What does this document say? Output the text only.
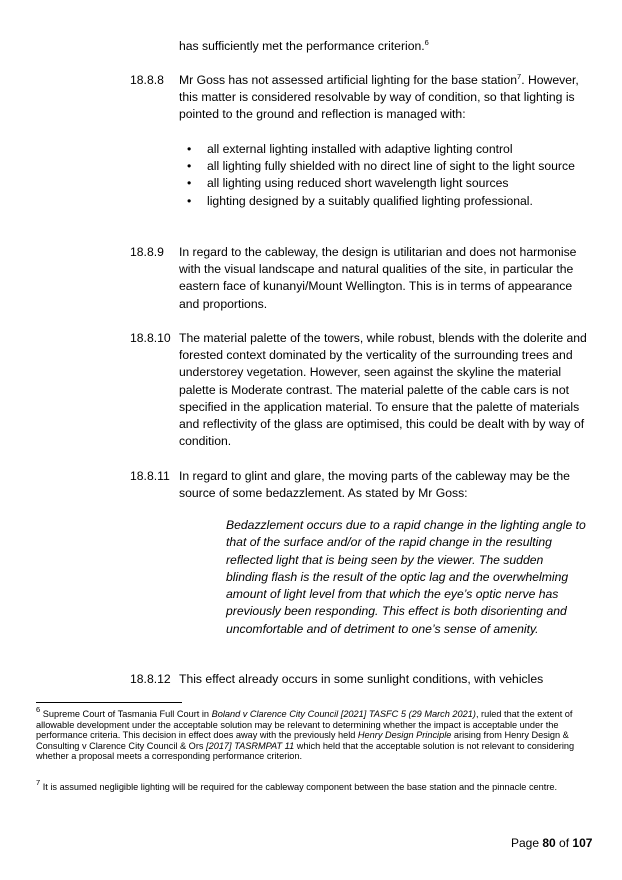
has sufficiently met the performance criterion.$^6$
18.8.8 Mr Goss has not assessed artificial lighting for the base station$^7$. However, this matter is considered resolvable by way of condition, so that lighting is pointed to the ground and reflection is managed with:
• all external lighting installed with adaptive lighting control
• all lighting fully shielded with no direct line of sight to the light source
• all lighting using reduced short wavelength light sources
• lighting designed by a suitably qualified lighting professional.
18.8.9 In regard to the cableway, the design is utilitarian and does not harmonise with the visual landscape and natural qualities of the site, in particular the eastern face of kunanyi/Mount Wellington. This is in terms of appearance and proportions.
18.8.10 The material palette of the towers, while robust, blends with the dolerite and forested context dominated by the verticality of the surrounding trees and understorey vegetation. However, seen against the skyline the material palette is Moderate contrast. The material palette of the cable cars is not specified in the application material. To ensure that the palette of materials and reflectivity of the glass are optimised, this could be dealt with by way of condition.
18.8.11 In regard to glint and glare, the moving parts of the cableway may be the source of some bedazzlement. As stated by Mr Goss:
Bedazzlement occurs due to a rapid change in the lighting angle to that of the surface and/or of the rapid change in the resulting reflected light that is being seen by the viewer. The sudden blinding flash is the result of the optic lag and the overwhelming amount of light level from that which the eye’s optic nerve has previously been responding. This effect is both disorienting and uncomfortable and of detriment to one’s sense of amenity.
18.8.12 This effect already occurs in some sunlight conditions, with vehicles
$^6$ Supreme Court of Tasmania Full Court in Boland v Clarence City Council [2021] TASFC 5 (29 March 2021), ruled that the extent of allowable development under the acceptable solution may be relevant to determining whether the impact is acceptable under the performance criteria. This decision in effect does away with the previously held Henry Design Principle arising from Henry Design & Consulting v Clarence City Council & Ors [2017] TASRMPAT 11 which held that the acceptable solution is not relevant to considering whether a proposal meets a corresponding performance criterion.
$^7$ It is assumed negligible lighting will be required for the cableway component between the base station and the pinnacle centre.
Page 80 of 107
